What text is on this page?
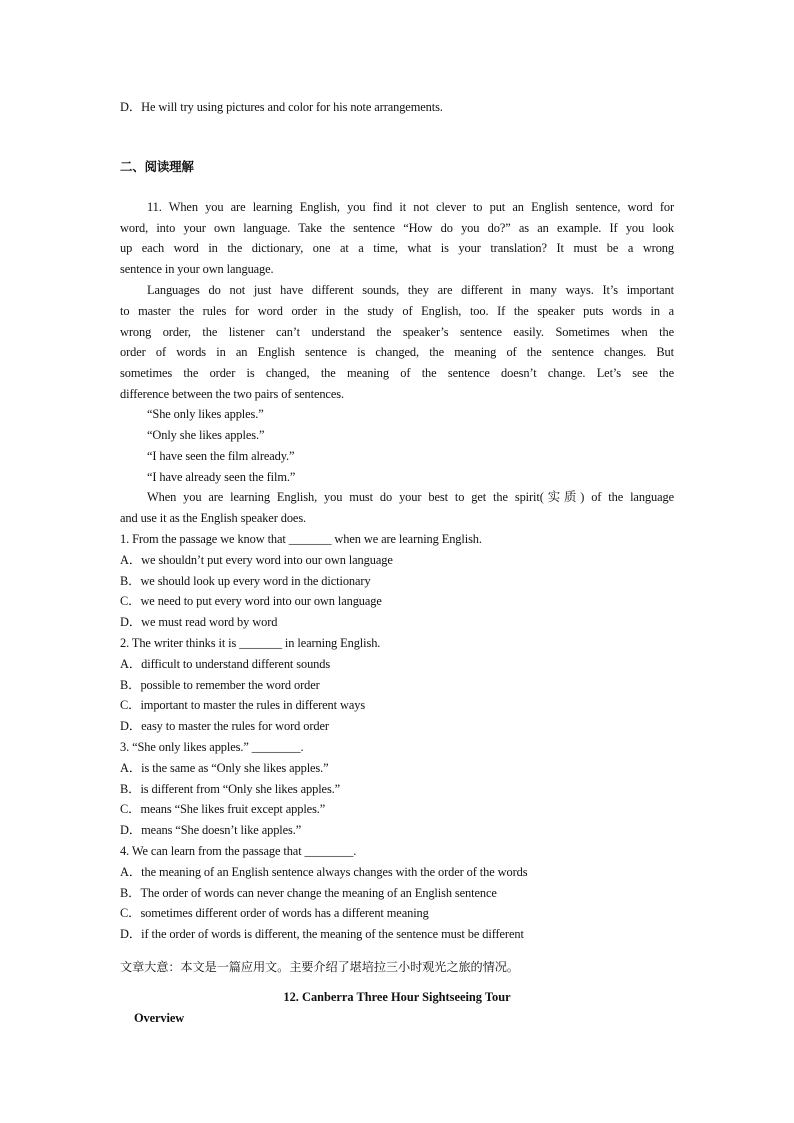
D．He will try using pictures and color for his note arrangements.
二、阅读理解
11. When you are learning English, you find it not clever to put an English sentence, word for
word, into your own language. Take the sentence “How do you do?” as an example. If you look
up each word in the dictionary, one at a time, what is your translation? It must be a wrong
sentence in your own language.
Languages do not just have different sounds, they are different in many ways. It’s important
to master the rules for word order in the study of English, too. If the speaker puts words in a
wrong order, the listener can’t understand the speaker’s sentence easily. Sometimes when the
order of words in an English sentence is changed, the meaning of the sentence changes. But
sometimes the order is changed, the meaning of the sentence doesn’t change. Let’s see the
difference between the two pairs of sentences.
“She only likes apples.”
“Only she likes apples.”
“I have seen the film already.”
“I have already seen the film.”
When you are learning English, you must do your best to get the spirit(实质) of the language
and use it as the English speaker does.
1. From the passage we know that _______ when we are learning English.
A．we shouldn’t put every word into our own language
B．we should look up every word in the dictionary
C．we need to put every word into our own language
D．we must read word by word
2. The writer thinks it is _______ in learning English.
A．difficult to understand different sounds
B．possible to remember the word order
C．important to master the rules in different ways
D．easy to master the rules for word order
3. “She only likes apples.” ________.
A．is the same as “Only she likes apples.”
B．is different from “Only she likes apples.”
C．means “She likes fruit except apples.”
D．means “She doesn’t like apples.”
4. We can learn from the passage that ________.
A．the meaning of an English sentence always changes with the order of the words
B．The order of words can never change the meaning of an English sentence
C．sometimes different order of words has a different meaning
D．if the order of words is different, the meaning of the sentence must be different
文章大意：本文是一篇应用文。主要介绍了堪培拉三小时观光之旅的情况。
12. Canberra Three Hour Sightseeing Tour
Overview
